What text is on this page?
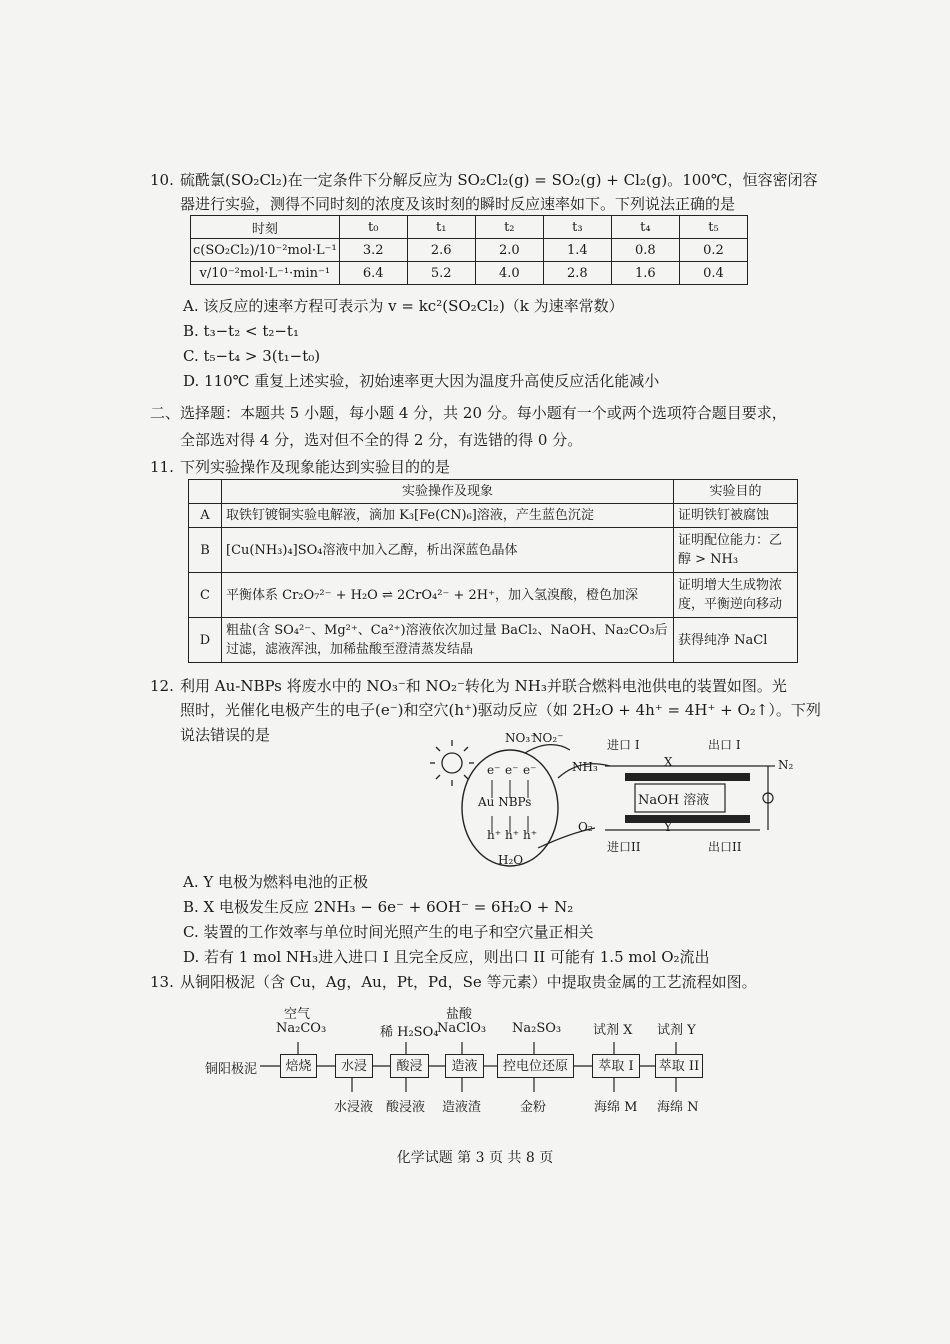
10. 硫酰氯(SO₂Cl₂)在一定条件下分解反应为 SO₂Cl₂(g) = SO₂(g) + Cl₂(g)。100℃，恒容密闭容
器进行实验，测得不同时刻的浓度及该时刻的瞬时反应速率如下。下列说法正确的是
时刻	t₀	t₁	t₂	t₃	t₄	t₅
c(SO₂Cl₂)/10⁻²mol·L⁻¹	3.2	2.6	2.0	1.4	0.8	0.2
v/10⁻²mol·L⁻¹·min⁻¹	6.4	5.2	4.0	2.8	1.6	0.4
A. 该反应的速率方程可表示为 v = kc²(SO₂Cl₂)（k 为速率常数）
B. t₃−t₂ < t₂−t₁
C. t₅−t₄ > 3(t₁−t₀)
D. 110℃ 重复上述实验，初始速率更大因为温度升高使反应活化能减小
二、选择题：本题共 5 小题，每小题 4 分，共 20 分。每小题有一个或两个选项符合题目要求，
全部选对得 4 分，选对但不全的得 2 分，有选错的得 0 分。
11. 下列实验操作及现象能达到实验目的的是
	实验操作及现象	实验目的
A	取铁钉镀铜实验电解液，滴加 K₃[Fe(CN)₆]溶液，产生蓝色沉淀	证明铁钉被腐蚀
B	[Cu(NH₃)₄]SO₄溶液中加入乙醇，析出深蓝色晶体	证明配位能力：乙醇 > NH₃
C	平衡体系 Cr₂O₇²⁻ + H₂O ⇌ 2CrO₄²⁻ + 2H⁺，加入氢溴酸，橙色加深	证明增大生成物浓度，平衡逆向移动
D	粗盐(含 SO₄²⁻、Mg²⁺、Ca²⁺)溶液依次加过量 BaCl₂、NaOH、Na₂CO₃后过滤，滤液浑浊，加稀盐酸至澄清蒸发结晶	获得纯净 NaCl
12. 利用 Au-NBPs 将废水中的 NO₃⁻和 NO₂⁻转化为 NH₃并联合燃料电池供电的装置如图。光
照时，光催化电极产生的电子(e⁻)和空穴(h⁺)驱动反应（如 2H₂O + 4h⁺ = 4H⁺ + O₂↑）。下列
说法错误的是	NO₃⁻
NO₂⁻
e⁻ e⁻ e⁻
Au NBPs
h⁺ h⁺ h⁺
H₂O
NH₃
O₂
进口 I	出口 I
进口II	出口II
X
Y
N₂
NaOH 溶液
A. Y 电极为燃料电池的正极
B. X 电极发生反应 2NH₃ − 6e⁻ + 6OH⁻ = 6H₂O + N₂
C. 装置的工作效率与单位时间光照产生的电子和空穴量正相关
D. 若有 1 mol NH₃进入进口 I 且完全反应，则出口 II 可能有 1.5 mol O₂流出
13. 从铜阳极泥（含 Cu，Ag，Au，Pt，Pd，Se 等元素）中提取贵金属的工艺流程如图。
铜阳极泥	焙烧	水浸	酸浸	造液	控电位还原	萃取 I	萃取 II
空气
Na₂CO₃	稀 H₂SO₄
盐酸
NaClO₃ Na₂SO₃ 试剂 X 试剂 Y
水浸液 酸浸液 造液渣	金粉	海绵 M 海绵 N
化学试题 第 3 页 共 8 页
